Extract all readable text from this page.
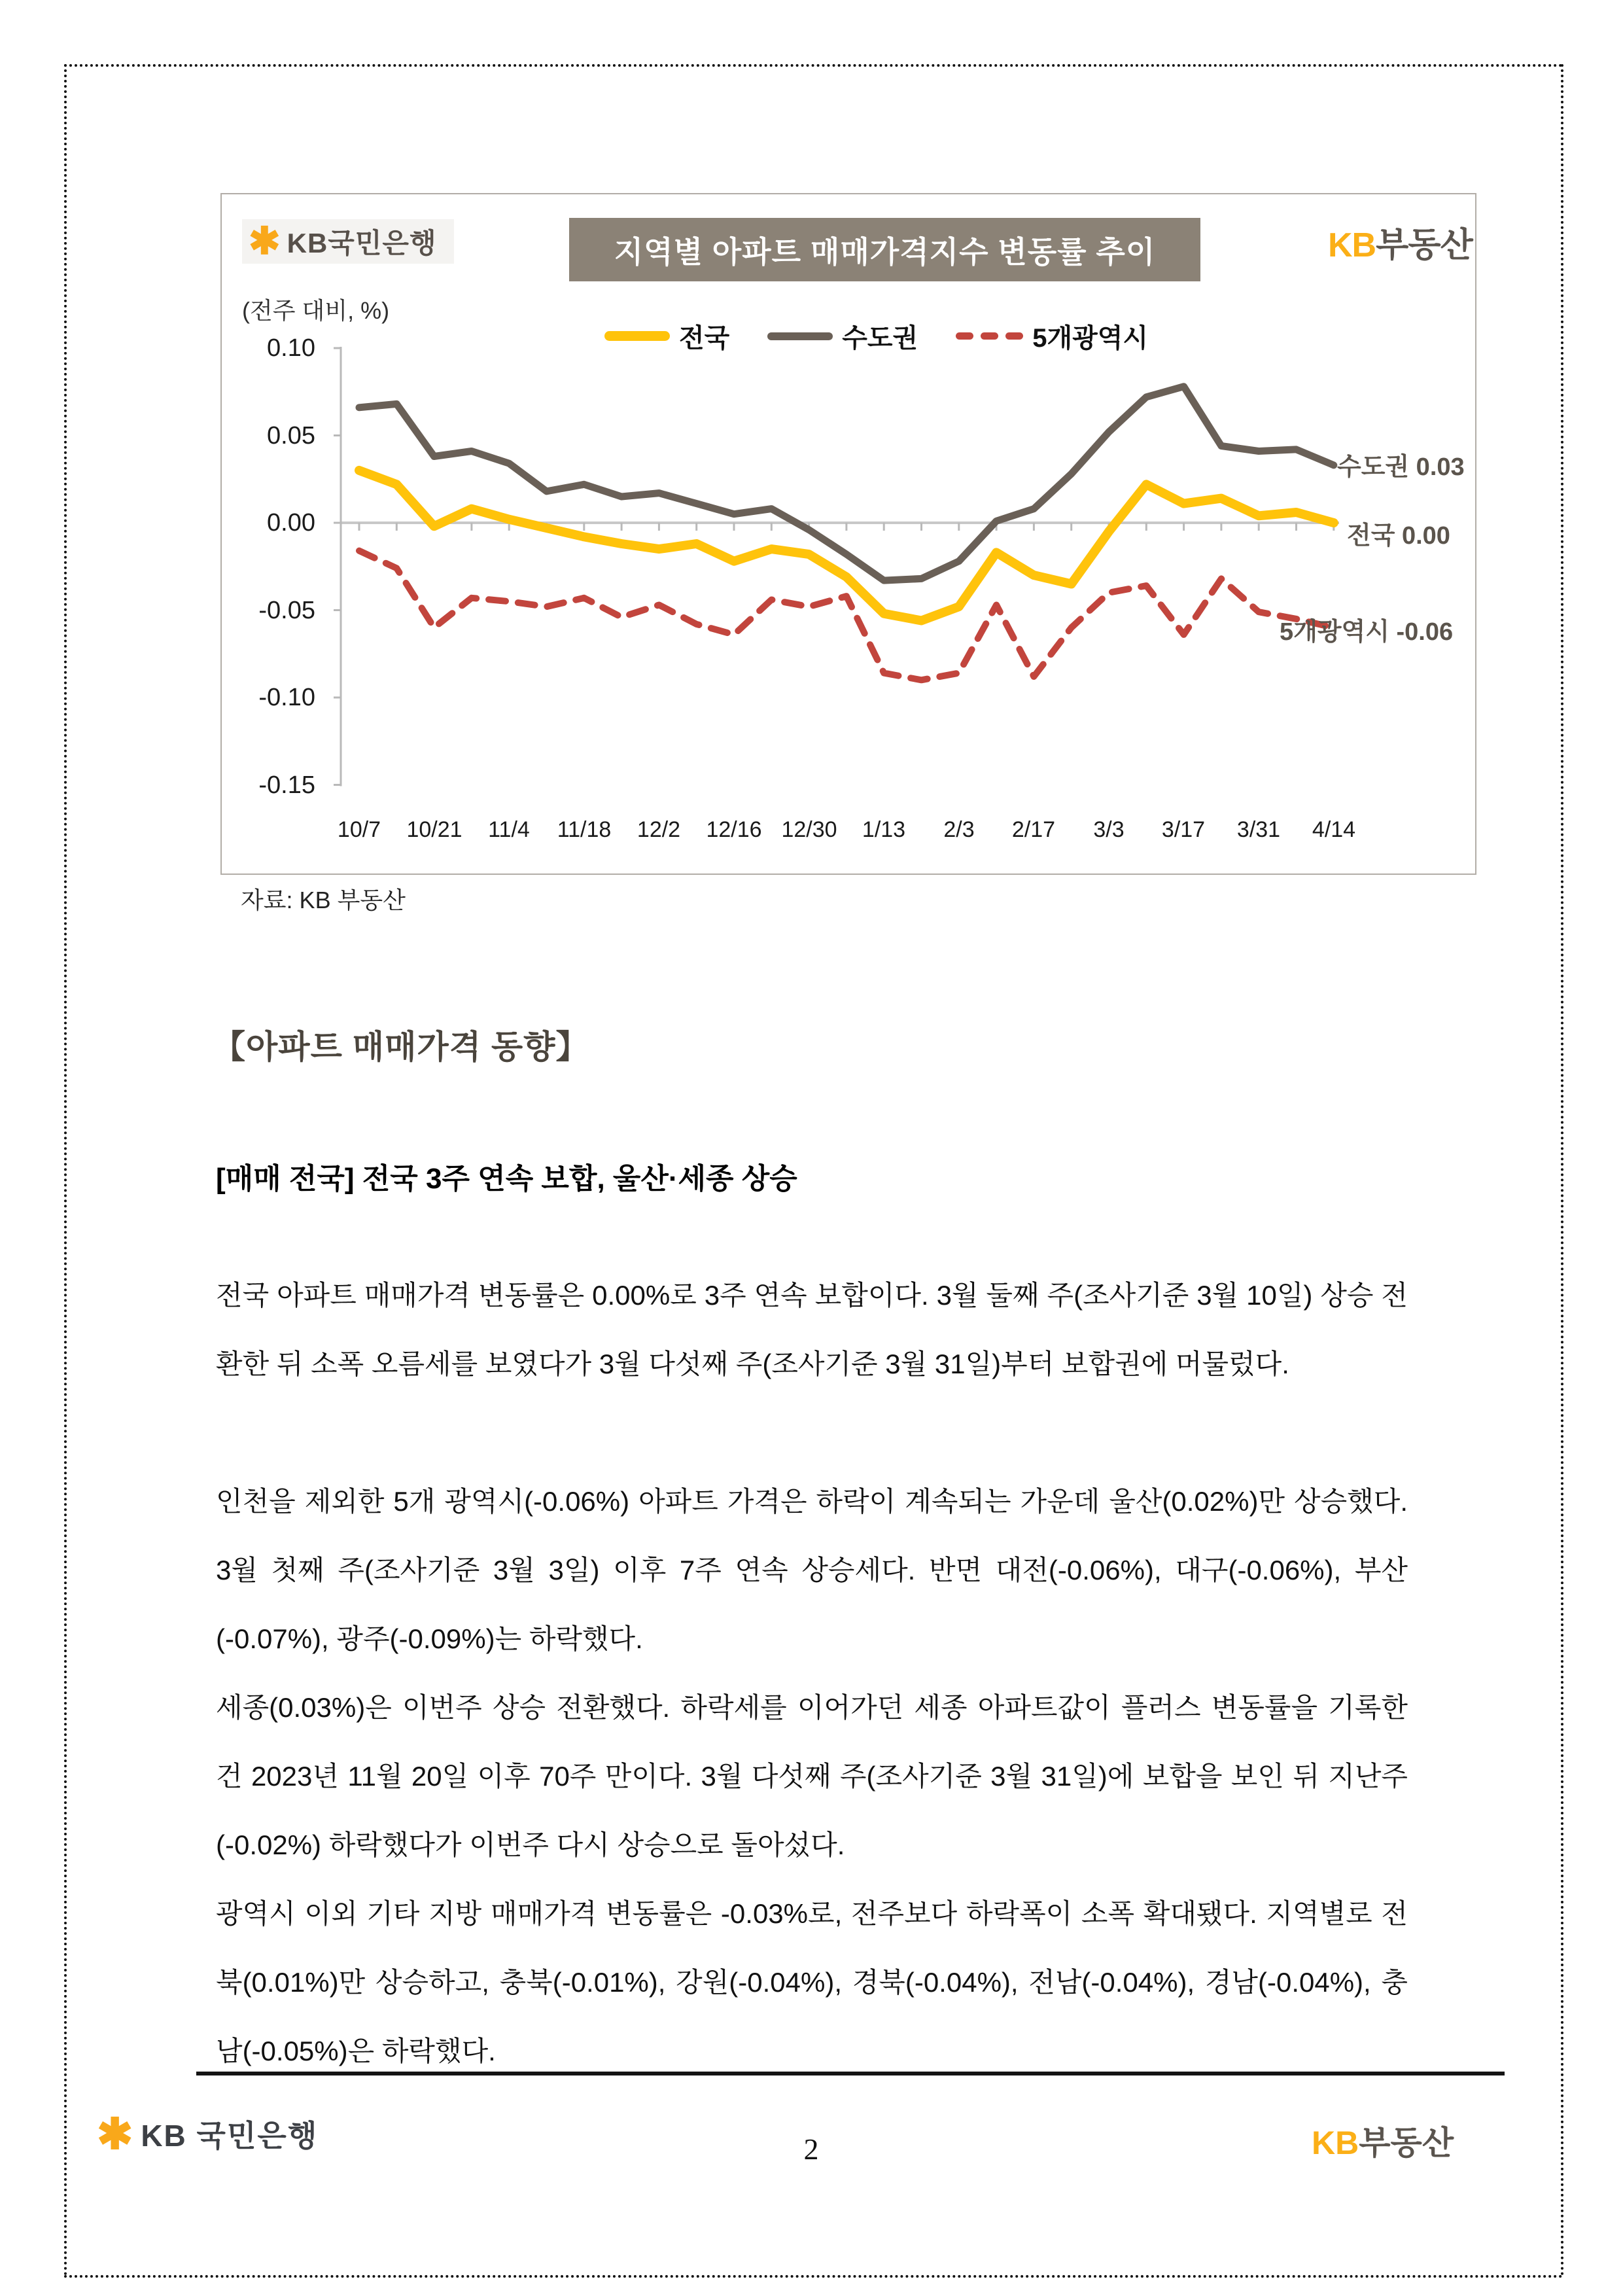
✱ KB국민은행	지역별 아파트 매매가격지수 변동률 추이	KB부동산
(전주 대비, %)
전국	수도권	5개광역시
0.10
0.05
0.00
-0.05
-0.10
-0.15
수도권 0.03
전국 0.00
5개광역시 -0.06
10/7	10/21	11/4	11/18	12/2	12/16 12/30	1/13	2/3	2/17	3/3	3/17	3/31	4/14
자료: KB 부동산
【아파트 매매가격 동향】
[매매 전국] 전국 3주 연속 보합, 울산·세종 상승
전국 아파트 매매가격 변동률은 0.00%로 3주 연속 보합이다. 3월 둘째 주(조사기준 3월 10일) 상승 전환한 뒤 소폭 오름세를 보였다가 3월 다섯째 주(조사기준 3월 31일)부터 보합권에 머물렀다.
인천을 제외한 5개 광역시(-0.06%) 아파트 가격은 하락이 계속되는 가운데 울산(0.02%)만 상승했다. 3월 첫째 주(조사기준 3월 3일) 이후 7주 연속 상승세다. 반면 대전(-0.06%), 대구(-0.06%), 부산(-0.07%), 광주(-0.09%)는 하락했다.
세종(0.03%)은 이번주 상승 전환했다. 하락세를 이어가던 세종 아파트값이 플러스 변동률을 기록한 건 2023년 11월 20일 이후 70주 만이다. 3월 다섯째 주(조사기준 3월 31일)에 보합을 보인 뒤 지난주(-0.02%) 하락했다가 이번주 다시 상승으로 돌아섰다.
광역시 이외 기타 지방 매매가격 변동률은 -0.03%로, 전주보다 하락폭이 소폭 확대됐다. 지역별로 전북(0.01%)만 상승하고, 충북(-0.01%), 강원(-0.04%), 경북(-0.04%), 전남(-0.04%), 경남(-0.04%), 충남(-0.05%)은 하락했다.
✱ KB 국민은행	2	KB부동산
